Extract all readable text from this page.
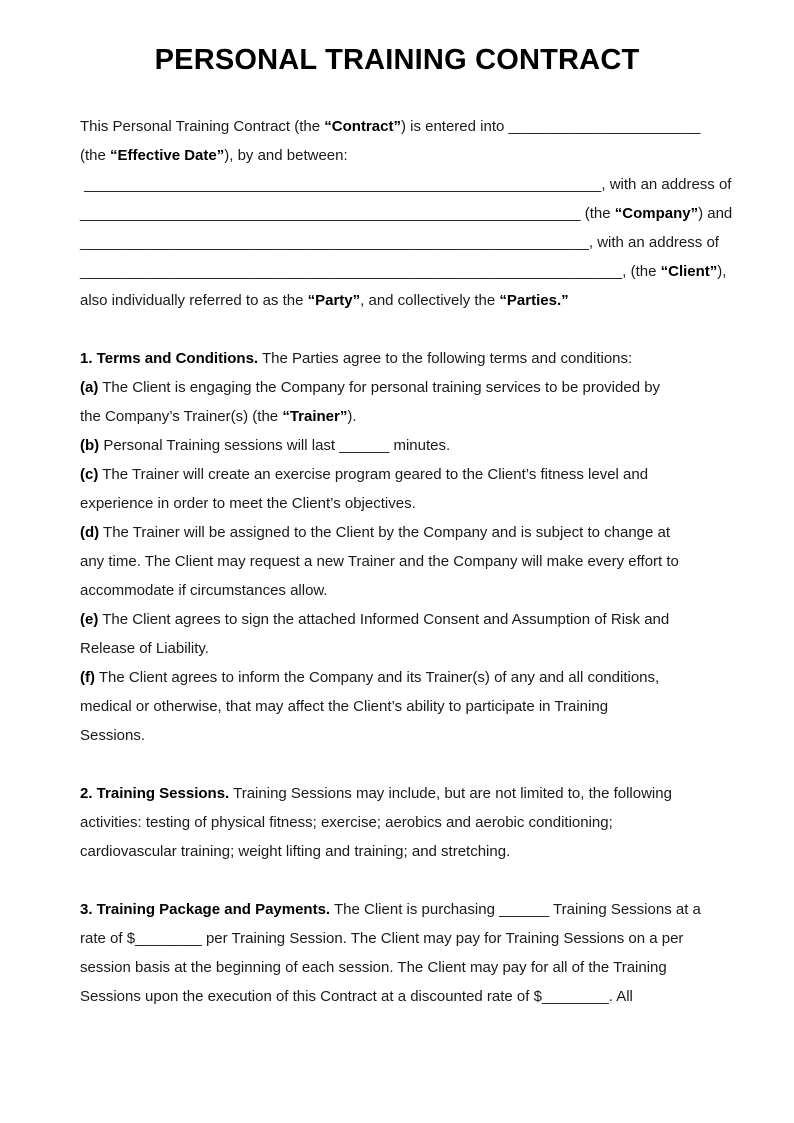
PERSONAL TRAINING CONTRACT
This Personal Training Contract (the “Contract”) is entered into _______________________
(the “Effective Date”), by and between:
______________________________________________________________, with an address of
____________________________________________________________ (the “Company”) and
_____________________________________________________________, with an address of
_________________________________________________________________, (the “Client”),
also individually referred to as the “Party”, and collectively the “Parties.”
1. Terms and Conditions. The Parties agree to the following terms and conditions:
(a) The Client is engaging the Company for personal training services to be provided by
the Company’s Trainer(s) (the “Trainer”).
(b) Personal Training sessions will last ______ minutes.
(c) The Trainer will create an exercise program geared to the Client’s fitness level and
experience in order to meet the Client’s objectives.
(d) The Trainer will be assigned to the Client by the Company and is subject to change at
any time. The Client may request a new Trainer and the Company will make every effort to
accommodate if circumstances allow.
(e) The Client agrees to sign the attached Informed Consent and Assumption of Risk and
Release of Liability.
(f) The Client agrees to inform the Company and its Trainer(s) of any and all conditions,
medical or otherwise, that may affect the Client’s ability to participate in Training
Sessions.
2. Training Sessions. Training Sessions may include, but are not limited to, the following
activities: testing of physical fitness; exercise; aerobics and aerobic conditioning;
cardiovascular training; weight lifting and training; and stretching.
3. Training Package and Payments. The Client is purchasing ______ Training Sessions at a
rate of $________ per Training Session. The Client may pay for Training Sessions on a per
session basis at the beginning of each session. The Client may pay for all of the Training
Sessions upon the execution of this Contract at a discounted rate of $________. All
